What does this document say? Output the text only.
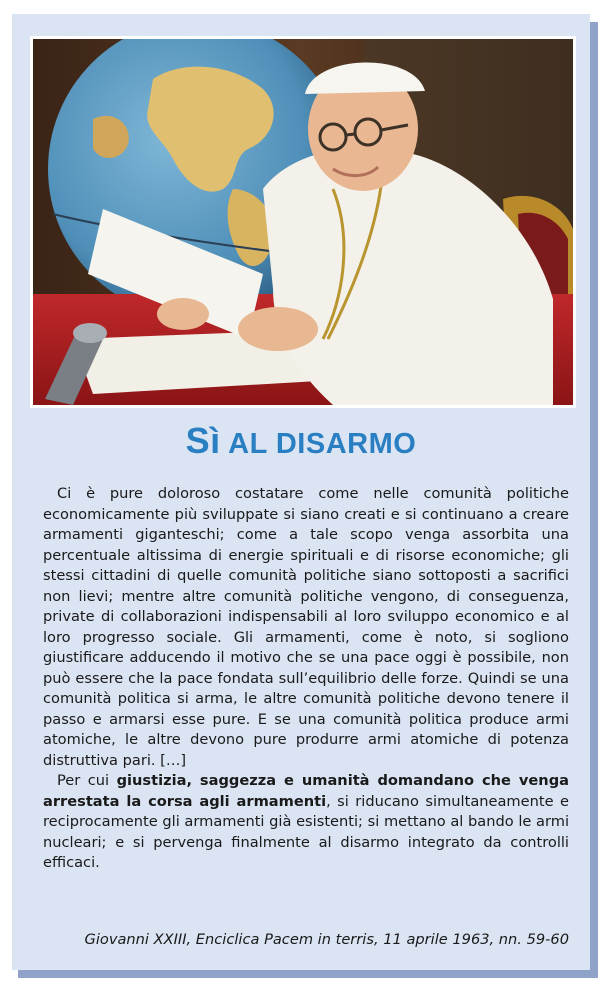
Sì AL DISARMO

Ci è pure doloroso costatare come nelle comunità politiche economicamente più sviluppate si siano creati e si continuano a creare armamenti giganteschi; come a tale scopo venga assorbita una percentuale altissima di energie spirituali e di risorse economiche; gli stessi cittadini di quelle comunità politiche siano sottoposti a sacrifici non lievi; mentre altre comunità politiche vengono, di conseguenza, private di collaborazioni indispensabili al loro sviluppo economico e al loro progresso sociale. Gli armamenti, come è noto, si sogliono giustificare adducendo il motivo che se una pace oggi è possibile, non può essere che la pace fondata sull’equilibrio delle forze. Quindi se una comunità politica si arma, le altre comunità politiche devono tenere il passo e armarsi esse pure. E se una comunità politica produce armi atomiche, le altre devono pure produrre armi atomiche di potenza distruttiva pari. […]

Per cui giustizia, saggezza e umanità domandano che venga arrestata la corsa agli armamenti, si riducano simultaneamente e reciprocamente gli armamenti già esistenti; si mettano al bando le armi nucleari; e si pervenga finalmente al disarmo integrato da controlli efficaci.

Giovanni XXIII, Enciclica Pacem in terris, 11 aprile 1963, nn. 59-60
